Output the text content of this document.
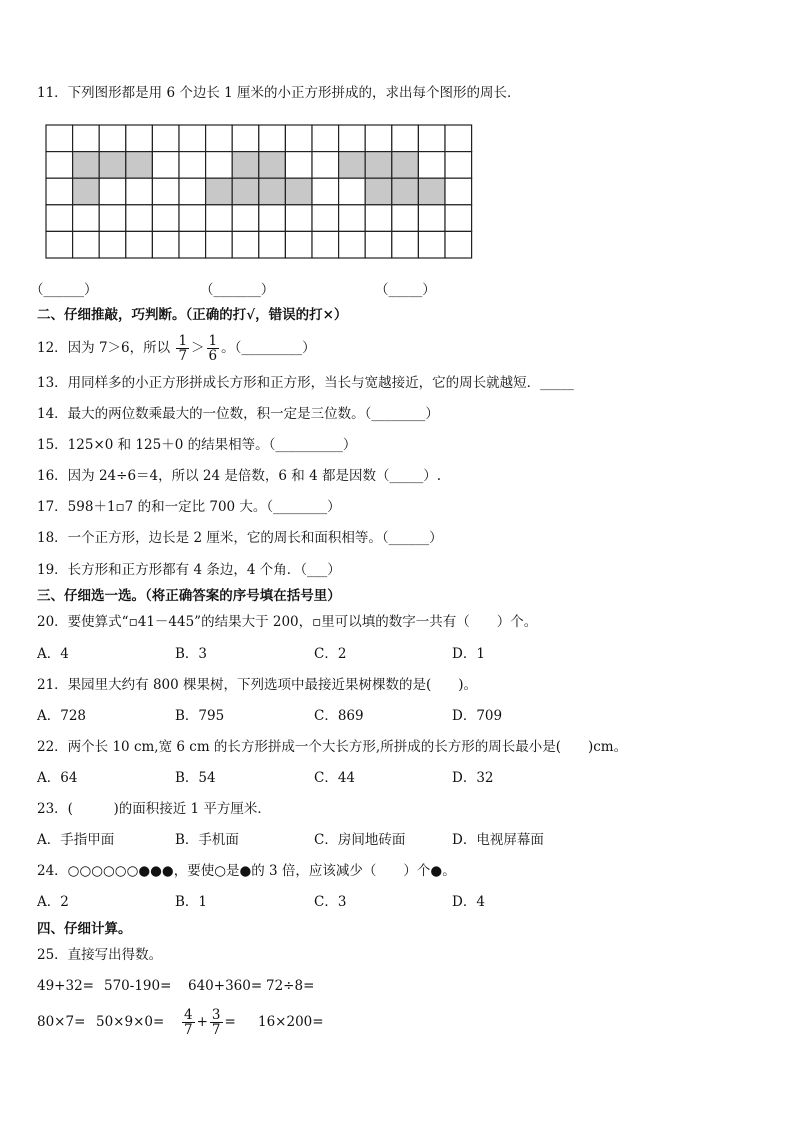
11．下列图形都是用 6 个边长 1 厘米的小正方形拼成的，求出每个图形的周长．
（______）	（_______）	（_____）
二、仔细推敲，巧判断。（正确的打√，错误的打×）
12．因为 7＞6，所以 $\frac{1}{7} > \frac{1}{6}$ 。（_________）
13．用同样多的小正方形拼成长方形和正方形，当长与宽越接近，它的周长就越短．_____
14．最大的两位数乘最大的一位数，积一定是三位数。（________）
15．125×0 和 125＋0 的结果相等。（__________）
16．因为 24÷6＝4，所以 24 是倍数，6 和 4 都是因数（_____）.
17．598＋1▫7 的和一定比 700 大。（________）
18．一个正方形，边长是 2 厘米，它的周长和面积相等。（______）
19．长方形和正方形都有 4 条边，4 个角．（___）
三、仔细选一选。（将正确答案的序号填在括号里）
20．要使算式“▫41－445”的结果大于 200，▫里可以填的数字一共有（　　）个。
A．4	B．3	C．2	D．1
21．果园里大约有 800 棵果树，下列选项中最接近果树棵数的是(　　)。
A．728	B．795	C．869	D．709
22．两个长 10 cm,宽 6 cm 的长方形拼成一个大长方形,所拼成的长方形的周长最小是(　　)cm。
A．64	B．54	C．44	D．32
23．(　　　)的面积接近 1 平方厘米．
A．手指甲面	B．手机面	C．房间地砖面	D．电视屏幕面
24．○○○○○○●●●，要使○是●的 3 倍，应该减少（　　）个●。
A．2	B．1	C．3	D．4
四、仔细计算。
25．直接写出得数。
49+32= 570-190= 640+360= 72÷8=
$80\times 7= 50\times 9\times 0= \frac{4}{7} + \frac{3}{7} = 16\times 200=$
